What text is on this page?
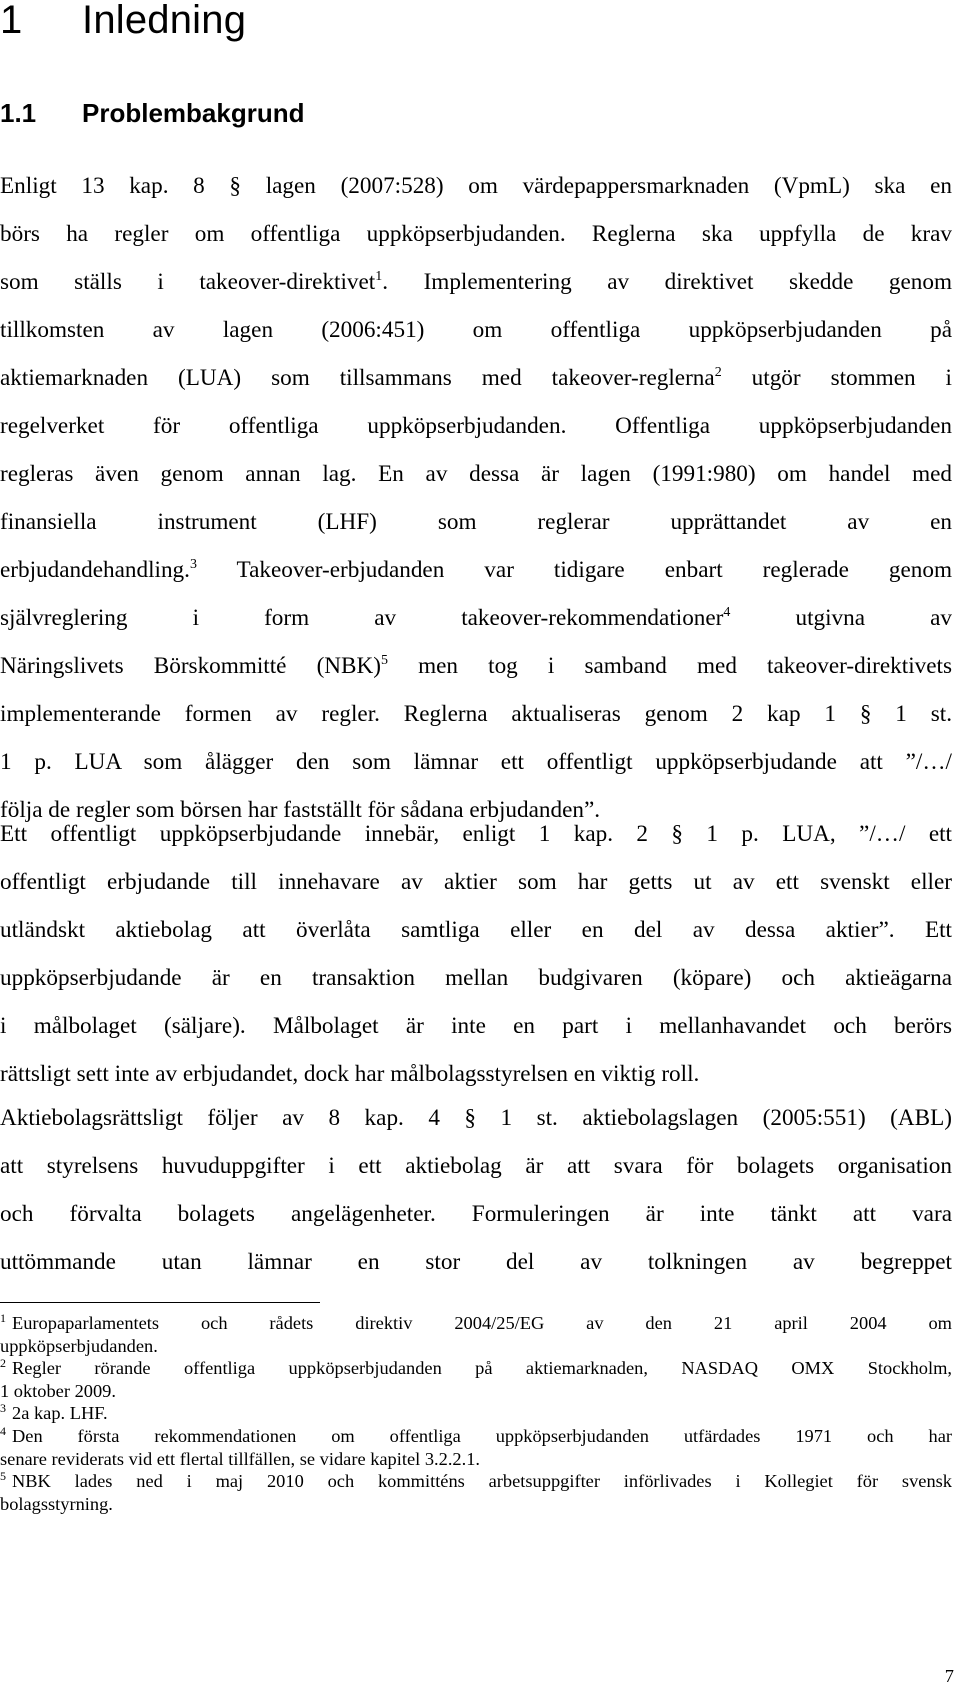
1 Inledning
1.1 Problembakgrund
Enligt 13 kap. 8 § lagen (2007:528) om värdepappersmarknaden (VpmL) ska en
börs ha regler om offentliga uppköpserbjudanden. Reglerna ska uppfylla de krav
som ställs i takeover-direktivet$^1$. Implementering av direktivet skedde genom
tillkomsten av lagen (2006:451) om offentliga uppköpserbjudanden på
aktiemarknaden (LUA) som tillsammans med takeover-reglerna$^2$ utgör stommen i
regelverket för offentliga uppköpserbjudanden. Offentliga uppköpserbjudanden
regleras även genom annan lag. En av dessa är lagen (1991:980) om handel med
finansiella instrument (LHF) som reglerar upprättandet av en
erbjudandehandling.$^3$ Takeover-erbjudanden var tidigare enbart reglerade genom
självreglering i form av takeover-rekommendationer$^4$ utgivna av
Näringslivets Börskommitté (NBK)$^5$ men tog i samband med takeover-direktivets
implementerande formen av regler. Reglerna aktualiseras genom 2 kap 1 § 1 st.
1 p. LUA som ålägger den som lämnar ett offentligt uppköpserbjudande att ”/…/
följa de regler som börsen har fastställt för sådana erbjudanden”.
Ett offentligt uppköpserbjudande innebär, enligt 1 kap. 2 § 1 p. LUA, ”/…/ ett
offentligt erbjudande till innehavare av aktier som har getts ut av ett svenskt eller
utländskt aktiebolag att överlåta samtliga eller en del av dessa aktier”. Ett
uppköpserbjudande är en transaktion mellan budgivaren (köpare) och aktieägarna
i målbolaget (säljare). Målbolaget är inte en part i mellanhavandet och berörs
rättsligt sett inte av erbjudandet, dock har målbolagsstyrelsen en viktig roll.
Aktiebolagsrättsligt följer av 8 kap. 4 § 1 st. aktiebolagslagen (2005:551) (ABL)
att styrelsens huvuduppgifter i ett aktiebolag är att svara för bolagets organisation
och förvalta bolagets angelägenheter. Formuleringen är inte tänkt att vara
uttömmande utan lämnar en stor del av tolkningen av begreppet
$^1$ Europaparlamentets och rådets direktiv 2004/25/EG av den 21 april 2004 om
uppköpserbjudanden.
$^2$ Regler rörande offentliga uppköpserbjudanden på aktiemarknaden, NASDAQ OMX Stockholm,
1 oktober 2009.
$^3$ 2a kap. LHF.
$^4$ Den första rekommendationen om offentliga uppköpserbjudanden utfärdades 1971 och har
senare reviderats vid ett flertal tillfällen, se vidare kapitel 3.2.2.1.
$^5$ NBK lades ned i maj 2010 och kommitténs arbetsuppgifter införlivades i Kollegiet för svensk
bolagsstyrning.
7
